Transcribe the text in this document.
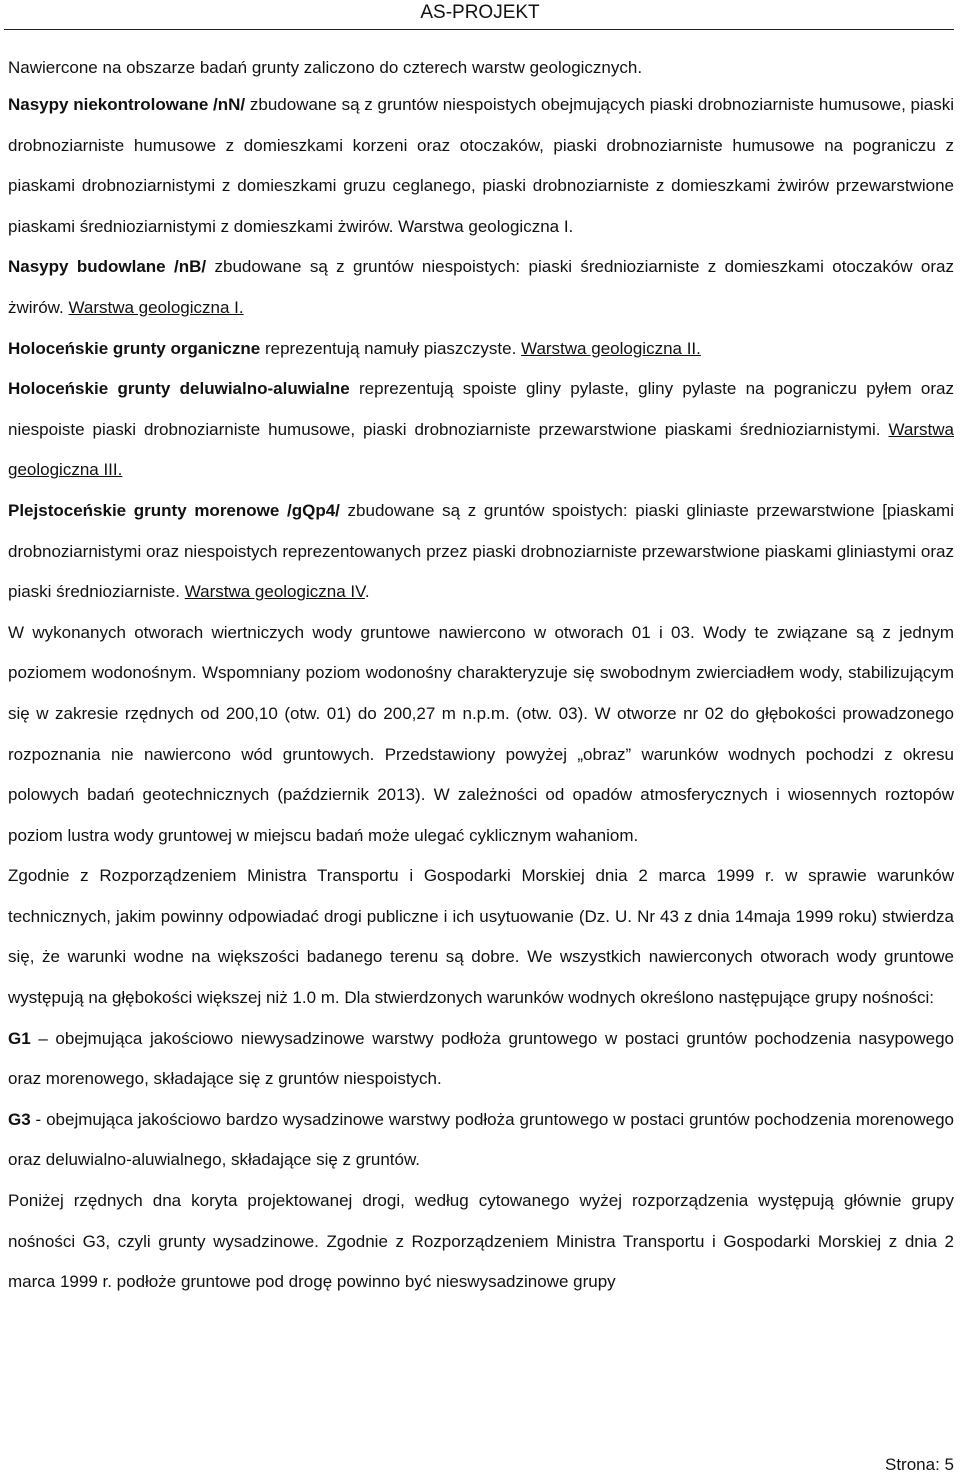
AS-PROJEKT

Nawiercone na obszarze badań grunty zaliczono do czterech warstw geologicznych.

Nasypy niekontrolowane /nN/ zbudowane są z gruntów niespoistych obejmujących piaski drobnoziarniste humusowe, piaski drobnoziarniste humusowe z domieszkami korzeni oraz otoczaków, piaski drobnoziarniste humusowe na pograniczu z piaskami drobnoziarnistymi z domieszkami gruzu ceglanego, piaski drobnoziarniste z domieszkami żwirów przewarstwione piaskami średnioziarnistymi z domieszkami żwirów. Warstwa geologiczna I.

Nasypy budowlane /nB/ zbudowane są z gruntów niespoistych: piaski średnioziarniste z domieszkami otoczaków oraz żwirów. Warstwa geologiczna I.

Holoceńskie grunty organiczne reprezentują namuły piaszczyste. Warstwa geologiczna II.

Holoceńskie grunty deluwialno-aluwialne reprezentują spoiste gliny pylaste, gliny pylaste na pograniczu pyłem oraz niespoiste piaski drobnoziarniste humusowe, piaski drobnoziarniste przewarstwione piaskami średnioziarnistymi. Warstwa geologiczna III.

Plejstoceńskie grunty morenowe /gQp4/ zbudowane są z gruntów spoistych: piaski gliniaste przewarstwione [piaskami drobnoziarnistymi oraz niespoistych reprezentowanych przez piaski drobnoziarniste przewarstwione piaskami gliniastymi oraz piaski średnioziarniste. Warstwa geologiczna IV.

W wykonanych otworach wiertniczych wody gruntowe nawiercono w otworach 01 i 03. Wody te związane są z jednym poziomem wodonośnym. Wspomniany poziom wodonośny charakteryzuje się swobodnym zwierciadłem wody, stabilizującym się w zakresie rzędnych od 200,10 (otw. 01) do 200,27 m n.p.m. (otw. 03). W otworze nr 02 do głębokości prowadzonego rozpoznania nie nawiercono wód gruntowych. Przedstawiony powyżej „obraz” warunków wodnych pochodzi z okresu polowych badań geotechnicznych (październik 2013). W zależności od opadów atmosferycznych i wiosennych roztopów poziom lustra wody gruntowej w miejscu badań może ulegać cyklicznym wahaniom.

Zgodnie z Rozporządzeniem Ministra Transportu i Gospodarki Morskiej dnia 2 marca 1999 r. w sprawie warunków technicznych, jakim powinny odpowiadać drogi publiczne i ich usytuowanie (Dz. U. Nr 43 z dnia 14maja 1999 roku) stwierdza się, że warunki wodne na większości badanego terenu są dobre. We wszystkich nawierconych otworach wody gruntowe występują na głębokości większej niż 1.0 m. Dla stwierdzonych warunków wodnych określono następujące grupy nośności:

G1 – obejmująca jakościowo niewysadzinowe warstwy podłoża gruntowego w postaci gruntów pochodzenia nasypowego oraz morenowego, składające się z gruntów niespoistych.

G3 - obejmująca jakościowo bardzo wysadzinowe warstwy podłoża gruntowego w postaci gruntów pochodzenia morenowego oraz deluwialno-aluwialnego, składające się z gruntów.

Poniżej rzędnych dna koryta projektowanej drogi, według cytowanego wyżej rozporządzenia występują głównie grupy nośności G3, czyli grunty wysadzinowe. Zgodnie z Rozporządzeniem Ministra Transportu i Gospodarki Morskiej z dnia 2 marca 1999 r. podłoże gruntowe pod drogę powinno być nieswysadzinowe grupy

Strona: 5
